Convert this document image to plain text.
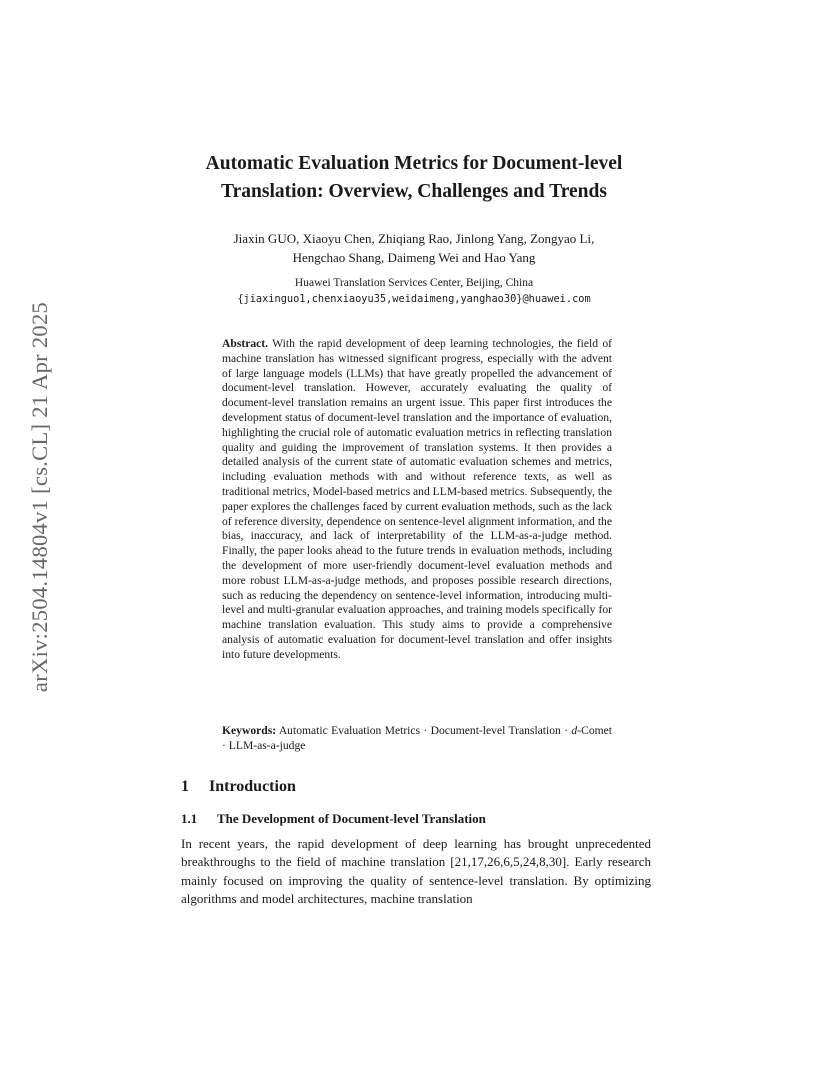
arXiv:2504.14804v1 [cs.CL] 21 Apr 2025
Automatic Evaluation Metrics for Document-level
Translation: Overview, Challenges and Trends

Jiaxin GUO, Xiaoyu Chen, Zhiqiang Rao, Jinlong Yang, Zongyao Li,
Hengchao Shang, Daimeng Wei and Hao Yang

Huawei Translation Services Center, Beijing, China
{jiaxinguo1,chenxiaoyu35,weidaimeng,yanghao30}@huawei.com

Abstract. With the rapid development of deep learning technologies, the field of machine translation has witnessed significant progress, especially with the advent of large language models (LLMs) that have greatly propelled the advancement of document-level translation. However, accurately evaluating the quality of document-level translation remains an urgent issue. This paper first introduces the development status of document-level translation and the importance of evaluation, highlighting the crucial role of automatic evaluation metrics in reflecting translation quality and guiding the improvement of translation systems. It then provides a detailed analysis of the current state of automatic evaluation schemes and metrics, including evaluation methods with and without reference texts, as well as traditional metrics, Model-based metrics and LLM-based metrics. Subsequently, the paper explores the challenges faced by current evaluation methods, such as the lack of reference diversity, dependence on sentence-level alignment information, and the bias, inaccuracy, and lack of interpretability of the LLM-as-a-judge method. Finally, the paper looks ahead to the future trends in evaluation methods, including the development of more user-friendly document-level evaluation methods and more robust LLM-as-a-judge methods, and proposes possible research directions, such as reducing the dependency on sentence-level information, introducing multi-level and multi-granular evaluation approaches, and training models specifically for machine translation evaluation. This study aims to provide a comprehensive analysis of automatic evaluation for document-level translation and offer insights into future developments.

Keywords: Automatic Evaluation Metrics · Document-level Translation · d-Comet · LLM-as-a-judge

1 Introduction
1.1 The Development of Document-level Translation

In recent years, the rapid development of deep learning has brought unprecedented breakthroughs to the field of machine translation [21,17,26,6,5,24,8,30]. Early research mainly focused on improving the quality of sentence-level translation. By optimizing algorithms and model architectures, machine translation
